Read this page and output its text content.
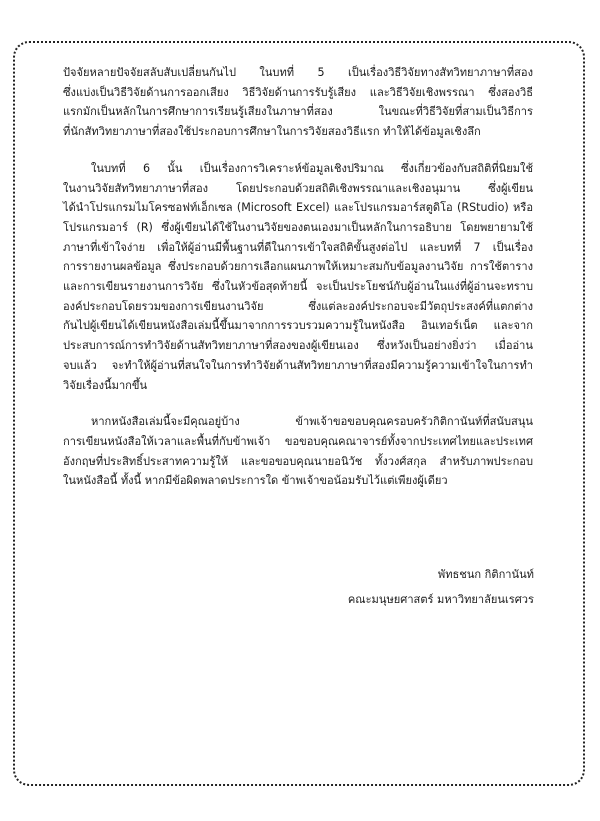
ปัจจัยหลายปัจจัยสลับสับเปลี่ยนกันไป ในบทที่ 5 เป็นเรื่องวิธีวิจัยทางสัทวิทยาภาษาที่สอง
ซึ่งแบ่งเป็นวิธีวิจัยด้านการออกเสียง วิธีวิจัยด้านการรับรู้เสียง และวิธีวิจัยเชิงพรรณา ซึ่งสองวิธี
แรกมักเป็นหลักในการศึกษาการเรียนรู้เสียงในภาษาที่สอง ในขณะที่วิธีวิจัยที่สามเป็นวิธีการ
ที่นักสัทวิทยาภาษาที่สองใช้ประกอบการศึกษาในการวิจัยสองวิธีแรก ทำให้ได้ข้อมูลเชิงลึก

ในบทที่ 6 นั้น เป็นเรื่องการวิเคราะห์ข้อมูลเชิงปริมาณ ซึ่งเกี่ยวข้องกับสถิติที่นิยมใช้
ในงานวิจัยสัทวิทยาภาษาที่สอง โดยประกอบด้วยสถิติเชิงพรรณาและเชิงอนุมาน ซึ่งผู้เขียน
ได้นำโปรแกรมไมโครซอฟท์เอ็กเซล (Microsoft Excel) และโปรแกรมอาร์สตูดิโอ (RStudio) หรือ
โปรแกรมอาร์ (R) ซึ่งผู้เขียนได้ใช้ในงานวิจัยของตนเองมาเป็นหลักในการอธิบาย โดยพยายามใช้
ภาษาที่เข้าใจง่าย เพื่อให้ผู้อ่านมีพื้นฐานที่ดีในการเข้าใจสถิติขั้นสูงต่อไป และบทที่ 7 เป็นเรื่อง
การรายงานผลข้อมูล ซึ่งประกอบด้วยการเลือกแผนภาพให้เหมาะสมกับข้อมูลงานวิจัย การใช้ตาราง
และการเขียนรายงานการวิจัย ซึ่งในหัวข้อสุดท้ายนี้ จะเป็นประโยชน์กับผู้อ่านในแง่ที่ผู้อ่านจะทราบ
องค์ประกอบโดยรวมของการเขียนงานวิจัย ซึ่งแต่ละองค์ประกอบจะมีวัตถุประสงค์ที่แตกต่าง
กันไปผู้เขียนได้เขียนหนังสือเล่มนี้ขึ้นมาจากการรวบรวมความรู้ในหนังสือ อินเทอร์เน็ต และจาก
ประสบการณ์การทำวิจัยด้านสัทวิทยาภาษาที่สองของผู้เขียนเอง ซึ่งหวังเป็นอย่างยิ่งว่า เมื่ออ่าน
จบแล้ว จะทำให้ผู้อ่านที่สนใจในการทำวิจัยด้านสัทวิทยาภาษาที่สองมีความรู้ความเข้าใจในการทำ
วิจัยเรื่องนี้มากขึ้น

หากหนังสือเล่มนี้จะมีคุณอยู่บ้าง ข้าพเจ้าขอขอบคุณครอบครัวกิติกานันท์ที่สนับสนุน
การเขียนหนังสือให้เวลาและพื้นที่กับข้าพเจ้า ขอขอบคุณคณาจารย์ทั้งจากประเทศไทยและประเทศ
อังกฤษที่ประสิทธิ์ประสาทความรู้ให้ และขอขอบคุณนายอนิวัช ทั้งวงศ์สกุล สำหรับภาพประกอบ
ในหนังสือนี้ ทั้งนี้ หากมีข้อผิดพลาดประการใด ข้าพเจ้าขอน้อมรับไว้แต่เพียงผู้เดียว

พัทธชนก กิติกานันท์
คณะมนุษยศาสตร์ มหาวิทยาลัยนเรศวร
